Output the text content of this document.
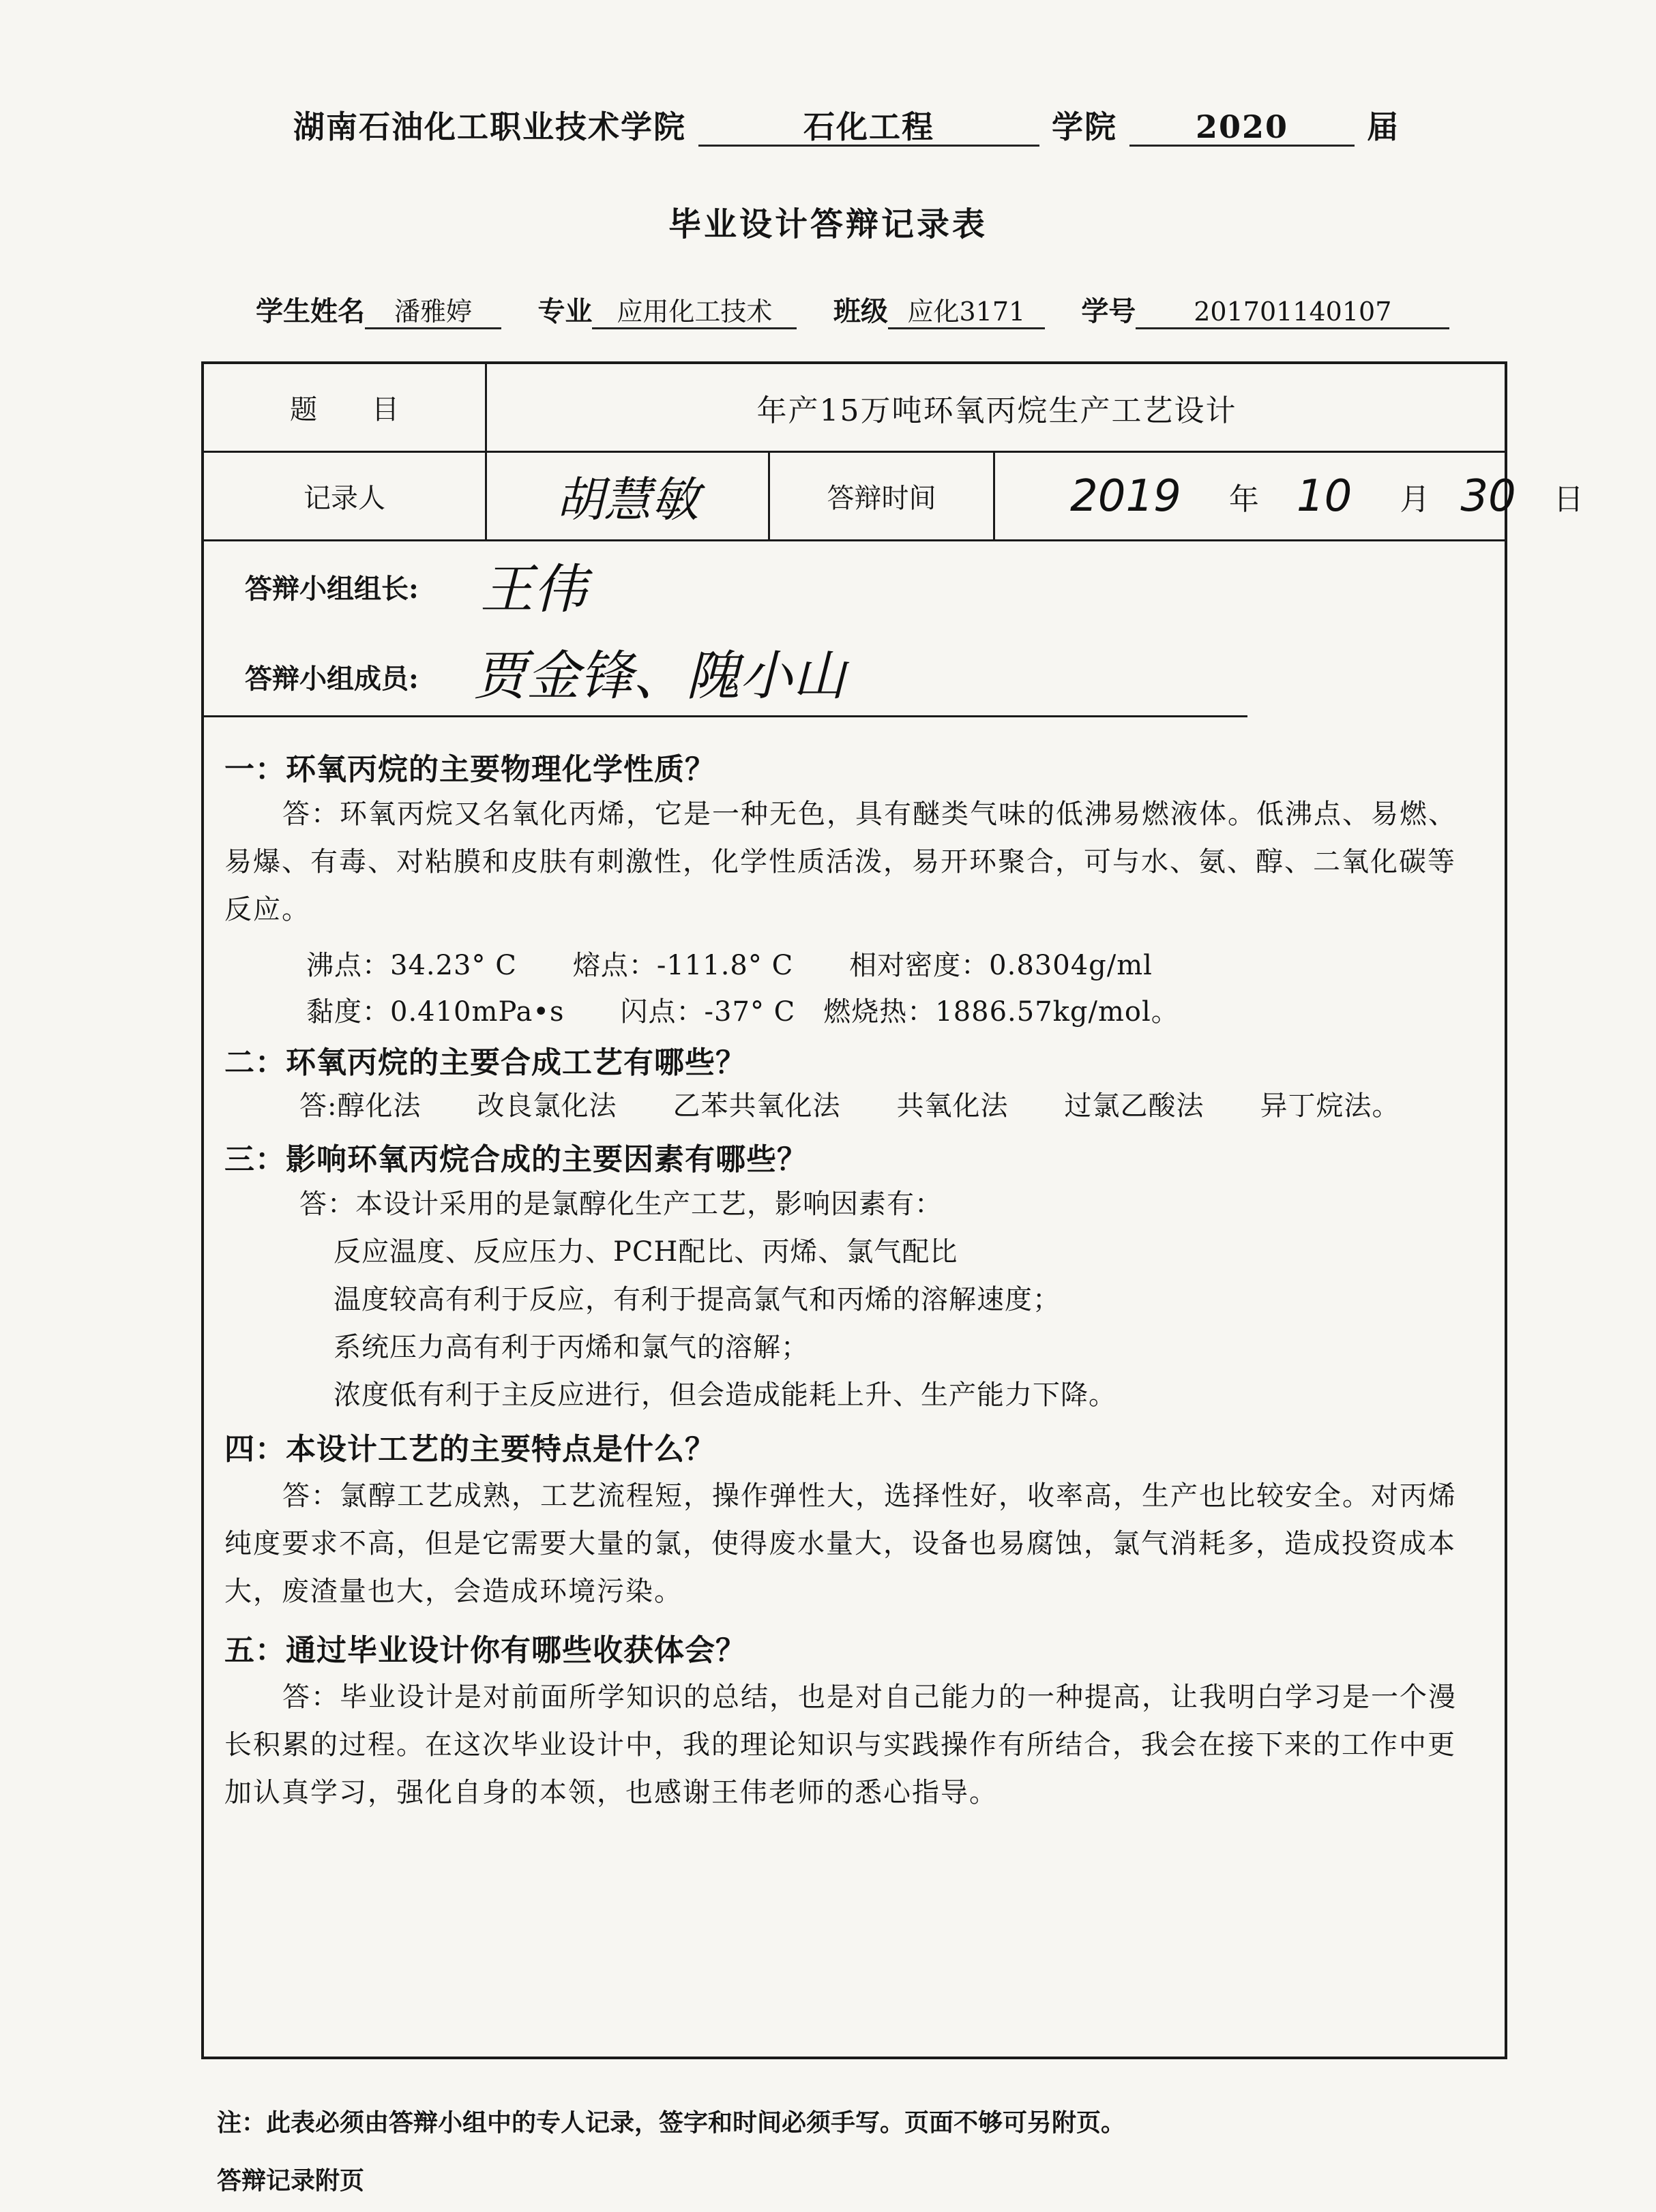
湖南石油化工职业技术学院	石化工程	学院	2020	届
毕业设计答辩记录表
学生姓名 潘雅婷 专业 应用化工技术 班级 应化3171 学号 201701140107
题　　目	年产15万吨环氧丙烷生产工艺设计
记录人	胡慧敏	答辩时间	2019 年 10 月 30 日
答辩小组组长: 王伟
答辩小组成员: 贾金锋、隗小山
一：环氧丙烷的主要物理化学性质？
答：环氧丙烷又名氧化丙烯，它是一种无色，具有醚类气味的低沸易燃液体。低沸点、易燃、易爆、有毒、对粘膜和皮肤有刺激性，化学性质活泼，易开环聚合，可与水、氨、醇、二氧化碳等反应。
沸点：34.23° C　　熔点：-111.8° C　　相对密度：0.8304g/ml
黏度：0.410mPa•s　　闪点：-37° C　燃烧热：1886.57kg/mol。
二：环氧丙烷的主要合成工艺有哪些？
答:醇化法　　改良氯化法　　乙苯共氧化法　　共氧化法　　过氯乙酸法　　异丁烷法。
三：影响环氧丙烷合成的主要因素有哪些？
答：本设计采用的是氯醇化生产工艺，影响因素有：
反应温度、反应压力、PCH配比、丙烯、氯气配比
温度较高有利于反应，有利于提高氯气和丙烯的溶解速度；
系统压力高有利于丙烯和氯气的溶解；
浓度低有利于主反应进行，但会造成能耗上升、生产能力下降。
四：本设计工艺的主要特点是什么？
答：氯醇工艺成熟，工艺流程短，操作弹性大，选择性好，收率高，生产也比较安全。对丙烯纯度要求不高，但是它需要大量的氯，使得废水量大，设备也易腐蚀，氯气消耗多，造成投资成本大，废渣量也大，会造成环境污染。
五：通过毕业设计你有哪些收获体会？
答：毕业设计是对前面所学知识的总结，也是对自己能力的一种提高，让我明白学习是一个漫长积累的过程。在这次毕业设计中，我的理论知识与实践操作有所结合，我会在接下来的工作中更加认真学习，强化自身的本领，也感谢王伟老师的悉心指导。
注：此表必须由答辩小组中的专人记录，签字和时间必须手写。页面不够可另附页。
答辩记录附页
